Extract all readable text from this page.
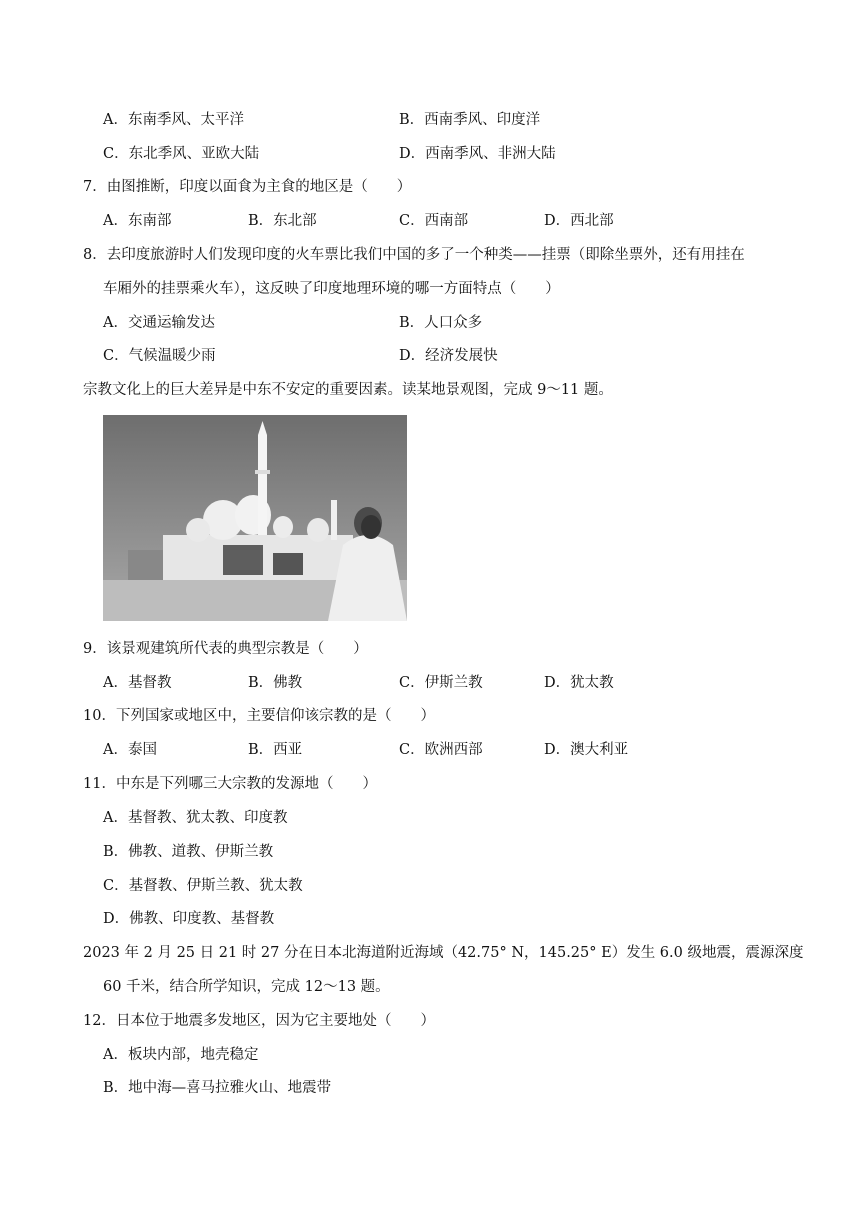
A．东南季风、太平洋	B．西南季风、印度洋
C．东北季风、亚欧大陆	D．西南季风、非洲大陆
7．由图推断，印度以面食为主食的地区是（　　）
A．东南部	B．东北部	C．西南部	D．西北部
8．去印度旅游时人们发现印度的火车票比我们中国的多了一个种类——挂票（即除坐票外，还有用挂在
车厢外的挂票乘火车），这反映了印度地理环境的哪一方面特点（　　）
A．交通运输发达	B．人口众多
C．气候温暖少雨	D．经济发展快
宗教文化上的巨大差异是中东不安定的重要因素。读某地景观图，完成 9～11 题。
9．该景观建筑所代表的典型宗教是（　　）
A．基督教	B．佛教	C．伊斯兰教	D．犹太教
10．下列国家或地区中，主要信仰该宗教的是（　　）
A．泰国	B．西亚	C．欧洲西部	D．澳大利亚
11．中东是下列哪三大宗教的发源地（　　）
A．基督教、犹太教、印度教
B．佛教、道教、伊斯兰教
C．基督教、伊斯兰教、犹太教
D．佛教、印度教、基督教
2023 年 2 月 25 日 21 时 27 分在日本北海道附近海域（42.75° N，145.25° E）发生 6.0 级地震，震源深度
60 千米，结合所学知识，完成 12～13 题。
12．日本位于地震多发地区，因为它主要地处（　　）
A．板块内部，地壳稳定
B．地中海—喜马拉雅火山、地震带
